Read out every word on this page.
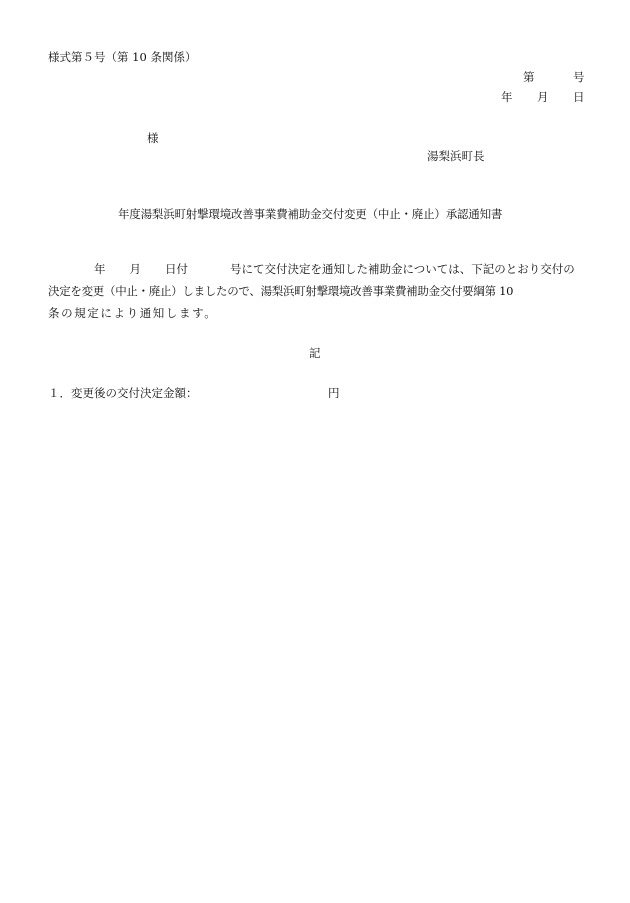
様式第５号（第 10 条関係）
第	号
年 月 日
様
湯梨浜町長
年度湯梨浜町射撃環境改善事業費補助金交付変更（中止・廃止）承認通知書
年 月 日付	号にて交付決定を通知した補助金については、下記のとおり交付の
決定を変更（中止・廃止）しましたので、湯梨浜町射撃環境改善事業費補助金交付要綱第 10
条の規定により通知します。
記
１．変更後の交付決定金額：	円
